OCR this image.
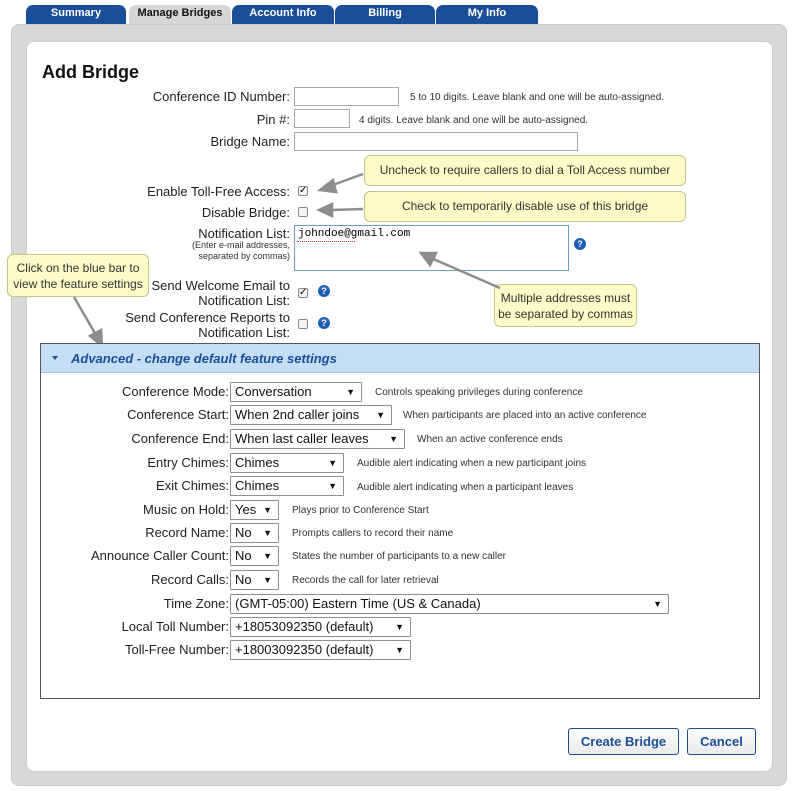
Summary	Manage Bridges	Account Info	Billing	My Info
Add Bridge
Conference ID Number:	5 to 10 digits. Leave blank and one will be auto-assigned.
Pin #:	4 digits. Leave blank and one will be auto-assigned.
Bridge Name:
Enable Toll-Free Access: ✓
Disable Bridge:
Notification List:
(Enter e-mail addresses,
separated by commas)
johndoe@gmail.com
?
Send Welcome Email to
Notification List:
✓	?
Send Conference Reports to
Notification List:
?
Uncheck to require callers to dial a Toll Access number
Check to temporarily disable use of this bridge
Multiple addresses must
be separated by commas
Click on the blue bar to
view the feature settings
Advanced - change default feature settings
Conference Mode: Conversation	▼ Controls speaking privileges during conference
Conference Start: When 2nd caller joins ▼ When participants are placed into an active conference
Conference End: When last caller leaves ▼ When an active conference ends
Entry Chimes: Chimes	▼ Audible alert indicating when a new participant joins
Exit Chimes: Chimes	▼ Audible alert indicating when a participant leaves
Music on Hold: Yes ▼ Plays prior to Conference Start
Record Name: No ▼ Prompts callers to record their name
Announce Caller Count: No ▼ States the number of participants to a new caller
Record Calls: No ▼ Records the call for later retrieval
Time Zone: (GMT-05:00) Eastern Time (US & Canada)	▼
Local Toll Number: +18053092350 (default) ▼
Toll-Free Number: +18003092350 (default) ▼
Create Bridge	Cancel
